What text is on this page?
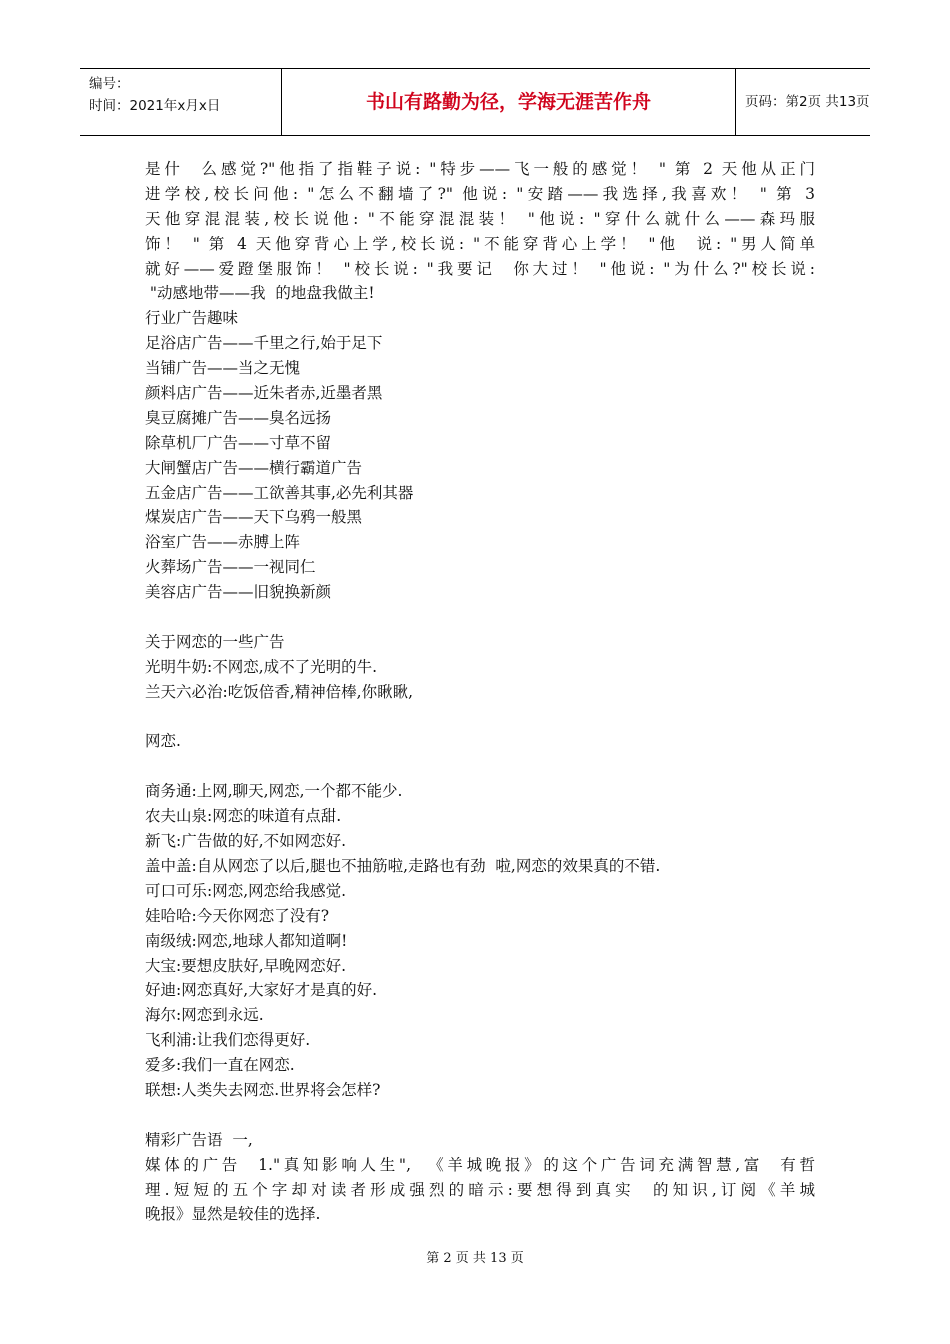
编号：
时间：2021年x月x日	书山有路勤为径，学海无涯苦作舟	页码：第2页 共13页
是什  么感觉?"他指了指鞋子说: "特步——飞一般的感觉！ " 第 2 天他从正门
进学校,校长问他: "怎么不翻墙了?" 他说: "安踏——我选择,我喜欢！ " 第 3
天他穿混混装,校长说他: "不能穿混混装！ "他说: "穿什么就什么——森玛服
饰！ " 第 4 天他穿背心上学,校长说: "不能穿背心上学！ "他  说: "男人简单
就好——爱蹬堡服饰！ "校长说: "我要记  你大过！ "他说: "为什么?"校长说:
"动感地带——我  的地盘我做主!
行业广告趣味
足浴店广告——千里之行,始于足下
当铺广告——当之无愧
颜料店广告——近朱者赤,近墨者黑
臭豆腐摊广告——臭名远扬
除草机厂广告——寸草不留
大闸蟹店广告——横行霸道广告
五金店广告——工欲善其事,必先利其器
煤炭店广告——天下乌鸦一般黑
浴室广告——赤膊上阵
火葬场广告——一视同仁
美容店广告——旧貌换新颜
关于网恋的一些广告
光明牛奶:不网恋,成不了光明的牛.
兰天六必治:吃饭倍香,精神倍棒,你瞅瞅,
网恋.
商务通:上网,聊天,网恋,一个都不能少.
农夫山泉:网恋的味道有点甜.
新飞:广告做的好,不如网恋好.
盖中盖:自从网恋了以后,腿也不抽筋啦,走路也有劲  啦,网恋的效果真的不错.
可口可乐:网恋,网恋给我感觉.
娃哈哈:今天你网恋了没有?
南级绒:网恋,地球人都知道啊!
大宝:要想皮肤好,早晚网恋好.
好迪:网恋真好,大家好才是真的好.
海尔:网恋到永远.
飞利浦:让我们恋得更好.
爱多:我们一直在网恋.
联想:人类失去网恋.世界将会怎样?
精彩广告语  一,
媒体的广告  1."真知影响人生",  《羊城晚报》的这个广告词充满智慧,富  有哲
理.短短的五个字却对读者形成强烈的暗示:要想得到真实  的知识,订阅《羊城
晚报》显然是较佳的选择.
第 2 页 共 13 页
